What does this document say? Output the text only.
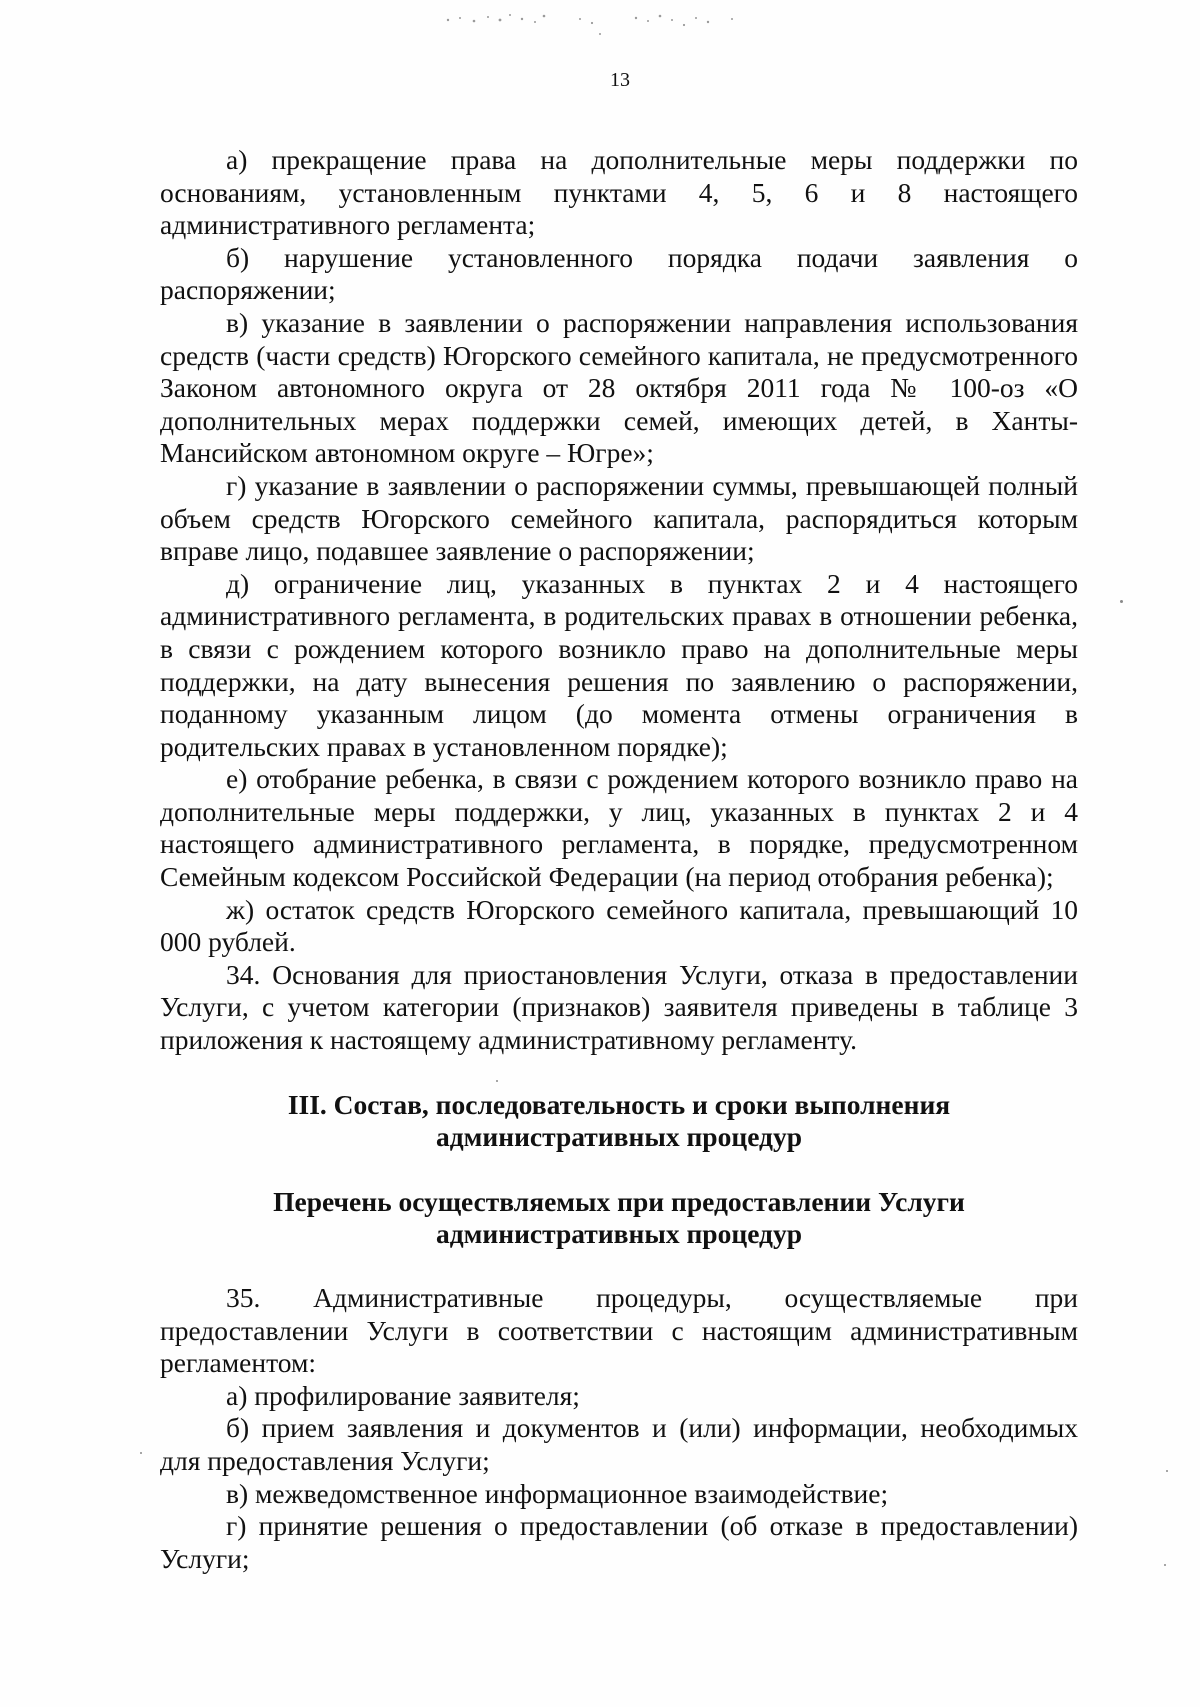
13

а) прекращение права на дополнительные меры поддержки по основаниям, установленным пунктами 4, 5, 6 и 8 настоящего административного регламента;

б) нарушение установленного порядка подачи заявления о распоряжении;

в) указание в заявлении о распоряжении направления использования средств (части средств) Югорского семейного капитала, не предусмотренного Законом автономного округа от 28 октября 2011 года № 100-оз «О дополнительных мерах поддержки семей, имеющих детей, в Ханты-Мансийском автономном округе – Югре»;

г) указание в заявлении о распоряжении суммы, превышающей полный объем средств Югорского семейного капитала, распорядиться которым вправе лицо, подавшее заявление о распоряжении;

д) ограничение лиц, указанных в пунктах 2 и 4 настоящего административного регламента, в родительских правах в отношении ребенка, в связи с рождением которого возникло право на дополнительные меры поддержки, на дату вынесения решения по заявлению о распоряжении, поданному указанным лицом (до момента отмены ограничения в родительских правах в установленном порядке);

е) отобрание ребенка, в связи с рождением которого возникло право на дополнительные меры поддержки, у лиц, указанных в пунктах 2 и 4 настоящего административного регламента, в порядке, предусмотренном Семейным кодексом Российской Федерации (на период отобрания ребенка);

ж) остаток средств Югорского семейного капитала, превышающий 10 000 рублей.

34. Основания для приостановления Услуги, отказа в предоставлении Услуги, с учетом категории (признаков) заявителя приведены в таблице 3 приложения к настоящему административному регламенту.

III. Состав, последовательность и сроки выполнения
административных процедур
Перечень осуществляемых при предоставлении Услуги
административных процедур

35. Административные процедуры, осуществляемые при предоставлении Услуги в соответствии с настоящим административным регламентом:

а) профилирование заявителя;

б) прием заявления и документов и (или) информации, необходимых для предоставления Услуги;

в) межведомственное информационное взаимодействие;

г) принятие решения о предоставлении (об отказе в предоставлении) Услуги;
